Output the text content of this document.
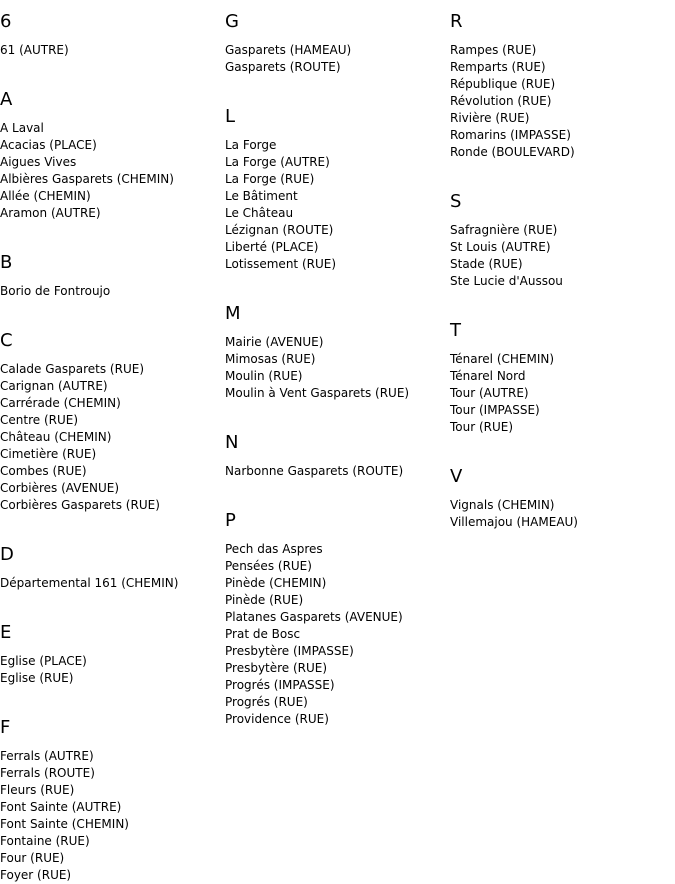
6
61 (AUTRE)
A
A Laval
Acacias (PLACE)
Aigues Vives
Albières Gasparets (CHEMIN)
Allée (CHEMIN)
Aramon (AUTRE)
B
Borio de Fontroujo
C
Calade Gasparets (RUE)
Carignan (AUTRE)
Carrérade (CHEMIN)
Centre (RUE)
Château (CHEMIN)
Cimetière (RUE)
Combes (RUE)
Corbières (AVENUE)
Corbières Gasparets (RUE)
D
Départemental 161 (CHEMIN)
E
Eglise (PLACE)
Eglise (RUE)
F
Ferrals (AUTRE)
Ferrals (ROUTE)
Fleurs (RUE)
Font Sainte (AUTRE)
Font Sainte (CHEMIN)
Fontaine (RUE)
Four (RUE)
Foyer (RUE)
G
Gasparets (HAMEAU)
Gasparets (ROUTE)
L
La Forge
La Forge (AUTRE)
La Forge (RUE)
Le Bâtiment
Le Château
Lézignan (ROUTE)
Liberté (PLACE)
Lotissement (RUE)
M
Mairie (AVENUE)
Mimosas (RUE)
Moulin (RUE)
Moulin à Vent Gasparets (RUE)
N
Narbonne Gasparets (ROUTE)
P
Pech das Aspres
Pensées (RUE)
Pinède (CHEMIN)
Pinède (RUE)
Platanes Gasparets (AVENUE)
Prat de Bosc
Presbytère (IMPASSE)
Presbytère (RUE)
Progrés (IMPASSE)
Progrés (RUE)
Providence (RUE)
R
Rampes (RUE)
Remparts (RUE)
République (RUE)
Révolution (RUE)
Rivière (RUE)
Romarins (IMPASSE)
Ronde (BOULEVARD)
S
Safragnière (RUE)
St Louis (AUTRE)
Stade (RUE)
Ste Lucie d'Aussou
T
Ténarel (CHEMIN)
Ténarel Nord
Tour (AUTRE)
Tour (IMPASSE)
Tour (RUE)
V
Vignals (CHEMIN)
Villemajou (HAMEAU)
